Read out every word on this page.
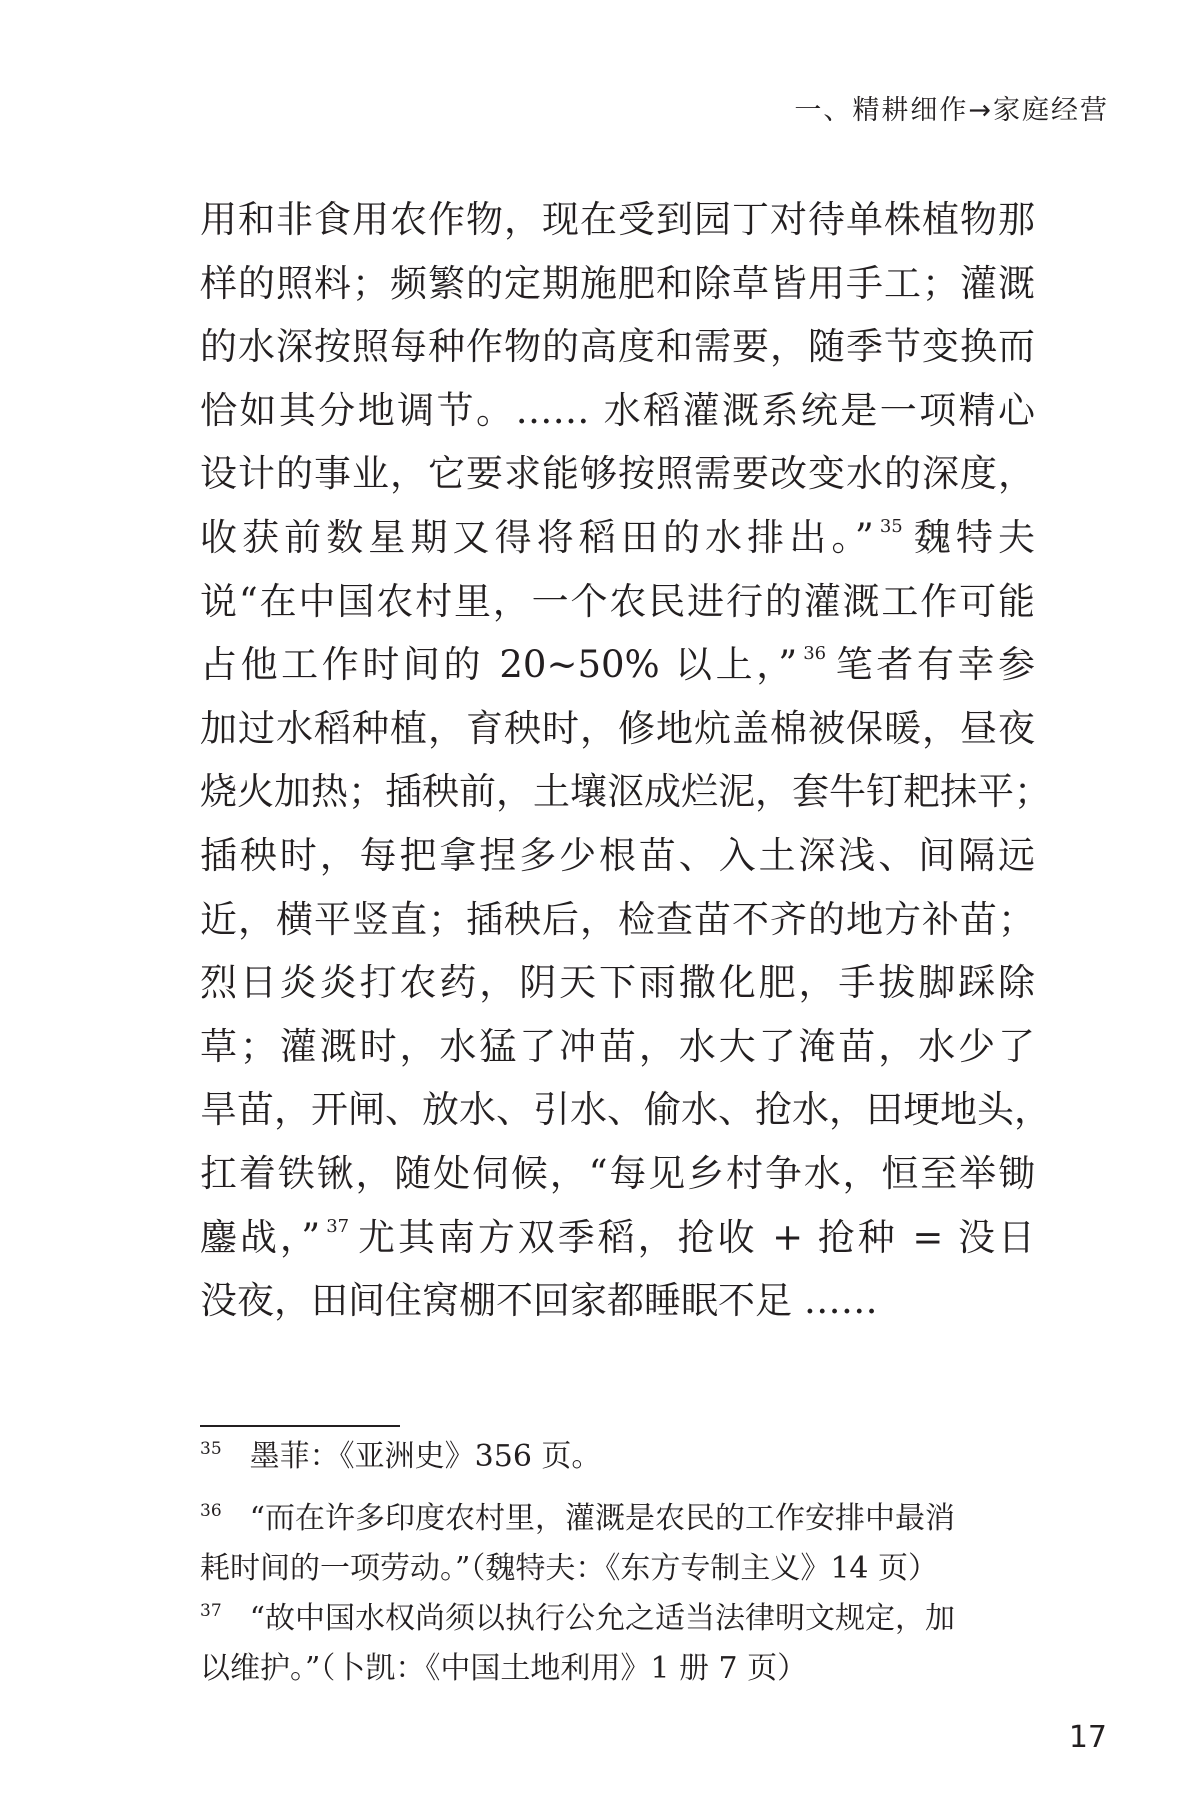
一、精耕细作→家庭经营
用和非食用农作物，现在受到园丁对待单株植物那
样的照料；频繁的定期施肥和除草皆用手工；灌溉
的水深按照每种作物的高度和需要，随季节变换而
恰如其分地调节。…… 水稻灌溉系统是一项精心
设计的事业，它要求能够按照需要改变水的深度，
收获前数星期又得将稻田的水排出。” $^{35}$ 魏特夫
说“在中国农村里，一个农民进行的灌溉工作可能
占他工作时间的 20~50% 以上，” $^{36}$ 笔者有幸参
加过水稻种植，育秧时，修地炕盖棉被保暖，昼夜
烧火加热；插秧前，土壤沤成烂泥，套牛钉耙抹平；
插秧时，每把拿捏多少根苗、入土深浅、间隔远
近，横平竖直；插秧后，检查苗不齐的地方补苗；
烈日炎炎打农药，阴天下雨撒化肥，手拔脚踩除
草；灌溉时，水猛了冲苗，水大了淹苗，水少了
旱苗，开闸、放水、引水、偷水、抢水，田埂地头，
扛着铁锹，随处伺候，“每见乡村争水，恒至举锄
鏖战，” $^{37}$ 尤其南方双季稻，抢收 + 抢种 = 没日
没夜，田间住窝棚不回家都睡眠不足 ……
$^{35}$ 墨菲：《亚洲史》356 页。
$^{36}$ “而在许多印度农村里，灌溉是农民的工作安排中最消
耗时间的一项劳动。”（魏特夫：《东方专制主义》14 页）
$^{37}$ “故中国水权尚须以执行公允之适当法律明文规定，加
以维护。”（卜凯：《中国土地利用》1 册 7 页）
17
